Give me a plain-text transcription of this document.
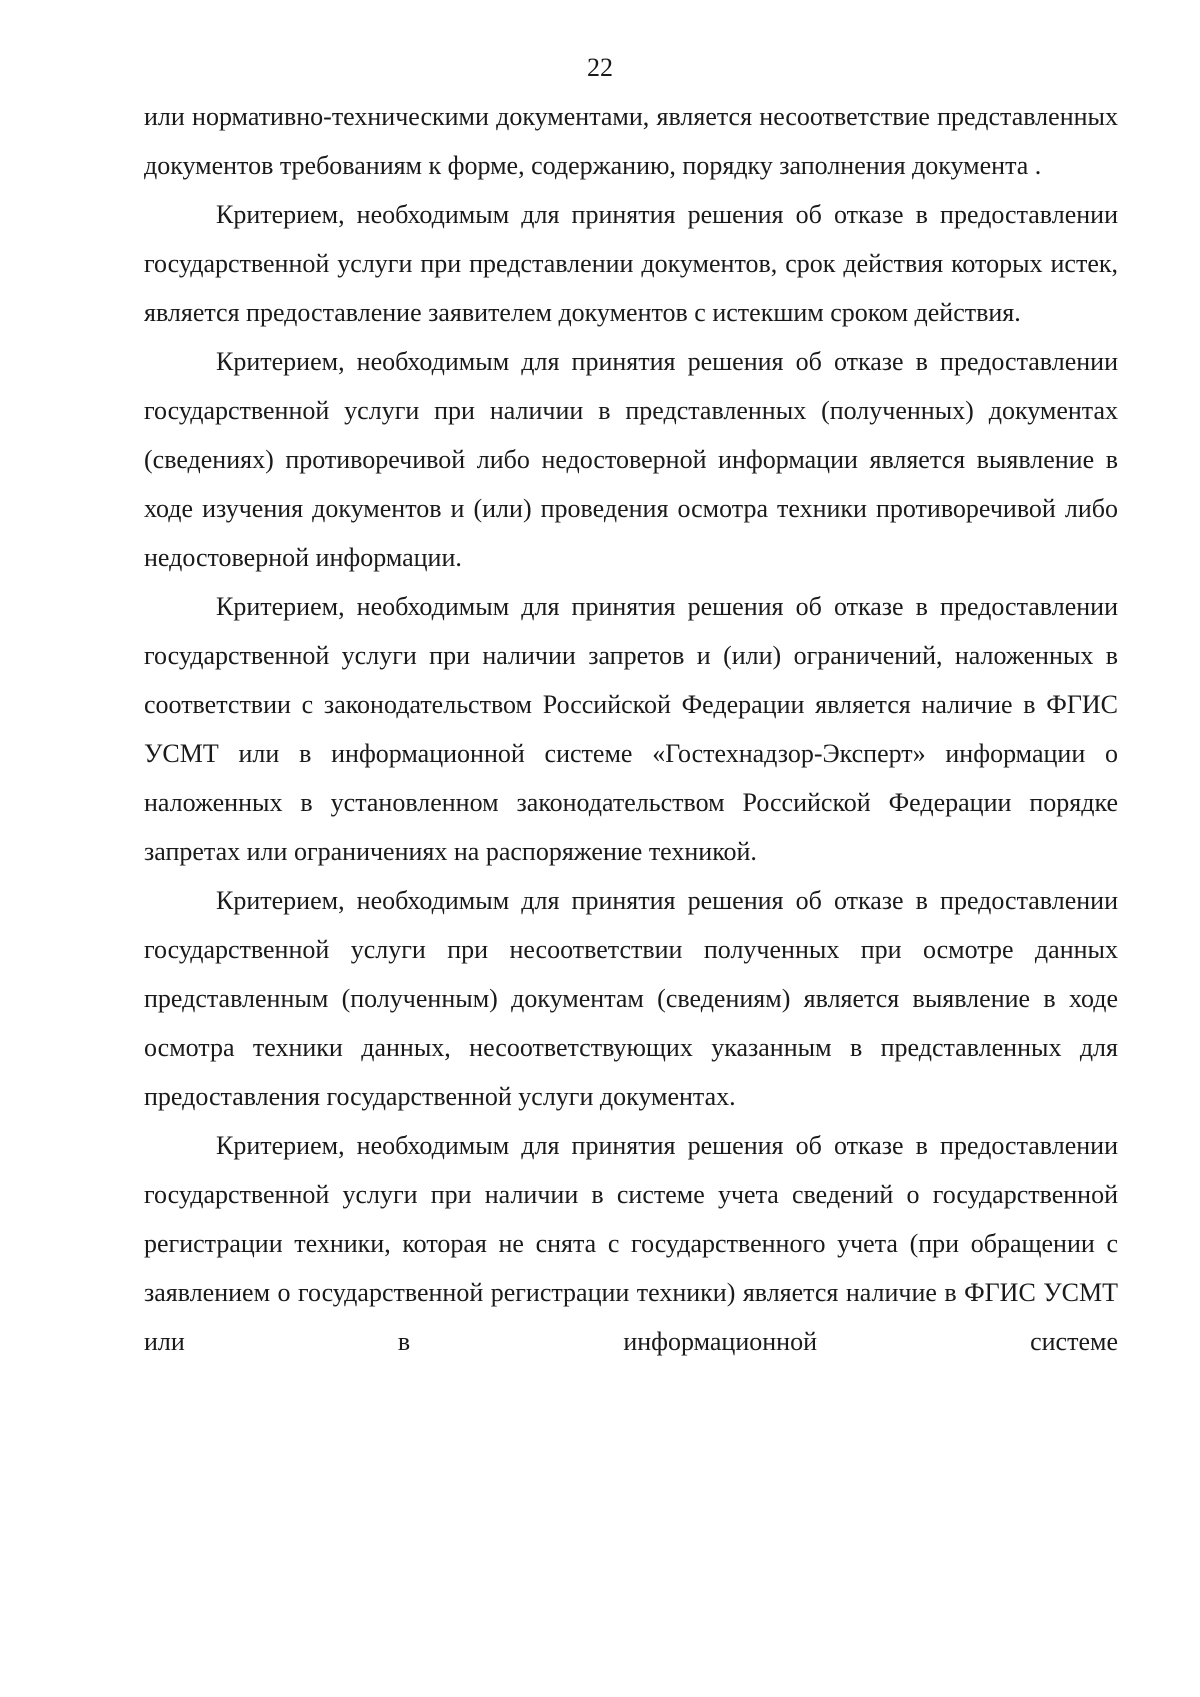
22

или нормативно-техническими документами, является несоответствие представленных документов требованиям к форме, содержанию, порядку заполнения документа .

Критерием, необходимым для принятия решения об отказе в предоставлении государственной услуги при представлении документов, срок действия которых истек, является предоставление заявителем документов с истекшим сроком действия.

Критерием, необходимым для принятия решения об отказе в предоставлении государственной услуги при наличии в представленных (полученных) документах (сведениях) противоречивой либо недостоверной информации является выявление в ходе изучения документов и (или) проведения осмотра техники противоречивой либо недостоверной информации.

Критерием, необходимым для принятия решения об отказе в предоставлении государственной услуги при наличии запретов и (или) ограничений, наложенных в соответствии с законодательством Российской Федерации является наличие в ФГИС УСМТ или в информационной системе «Гостехнадзор-Эксперт» информации о наложенных в установленном законодательством Российской Федерации порядке запретах или ограничениях на распоряжение техникой.

Критерием, необходимым для принятия решения об отказе в предоставлении государственной услуги при несоответствии полученных при осмотре данных представленным (полученным) документам (сведениям) является выявление в ходе осмотра техники данных, несоответствующих указанным в представленных для предоставления государственной услуги документах.

Критерием, необходимым для принятия решения об отказе в предоставлении государственной услуги при наличии в системе учета сведений о государственной регистрации техники, которая не снята с государственного учета (при обращении с заявлением о государственной регистрации техники) является наличие в ФГИС УСМТ или в информационной системе
